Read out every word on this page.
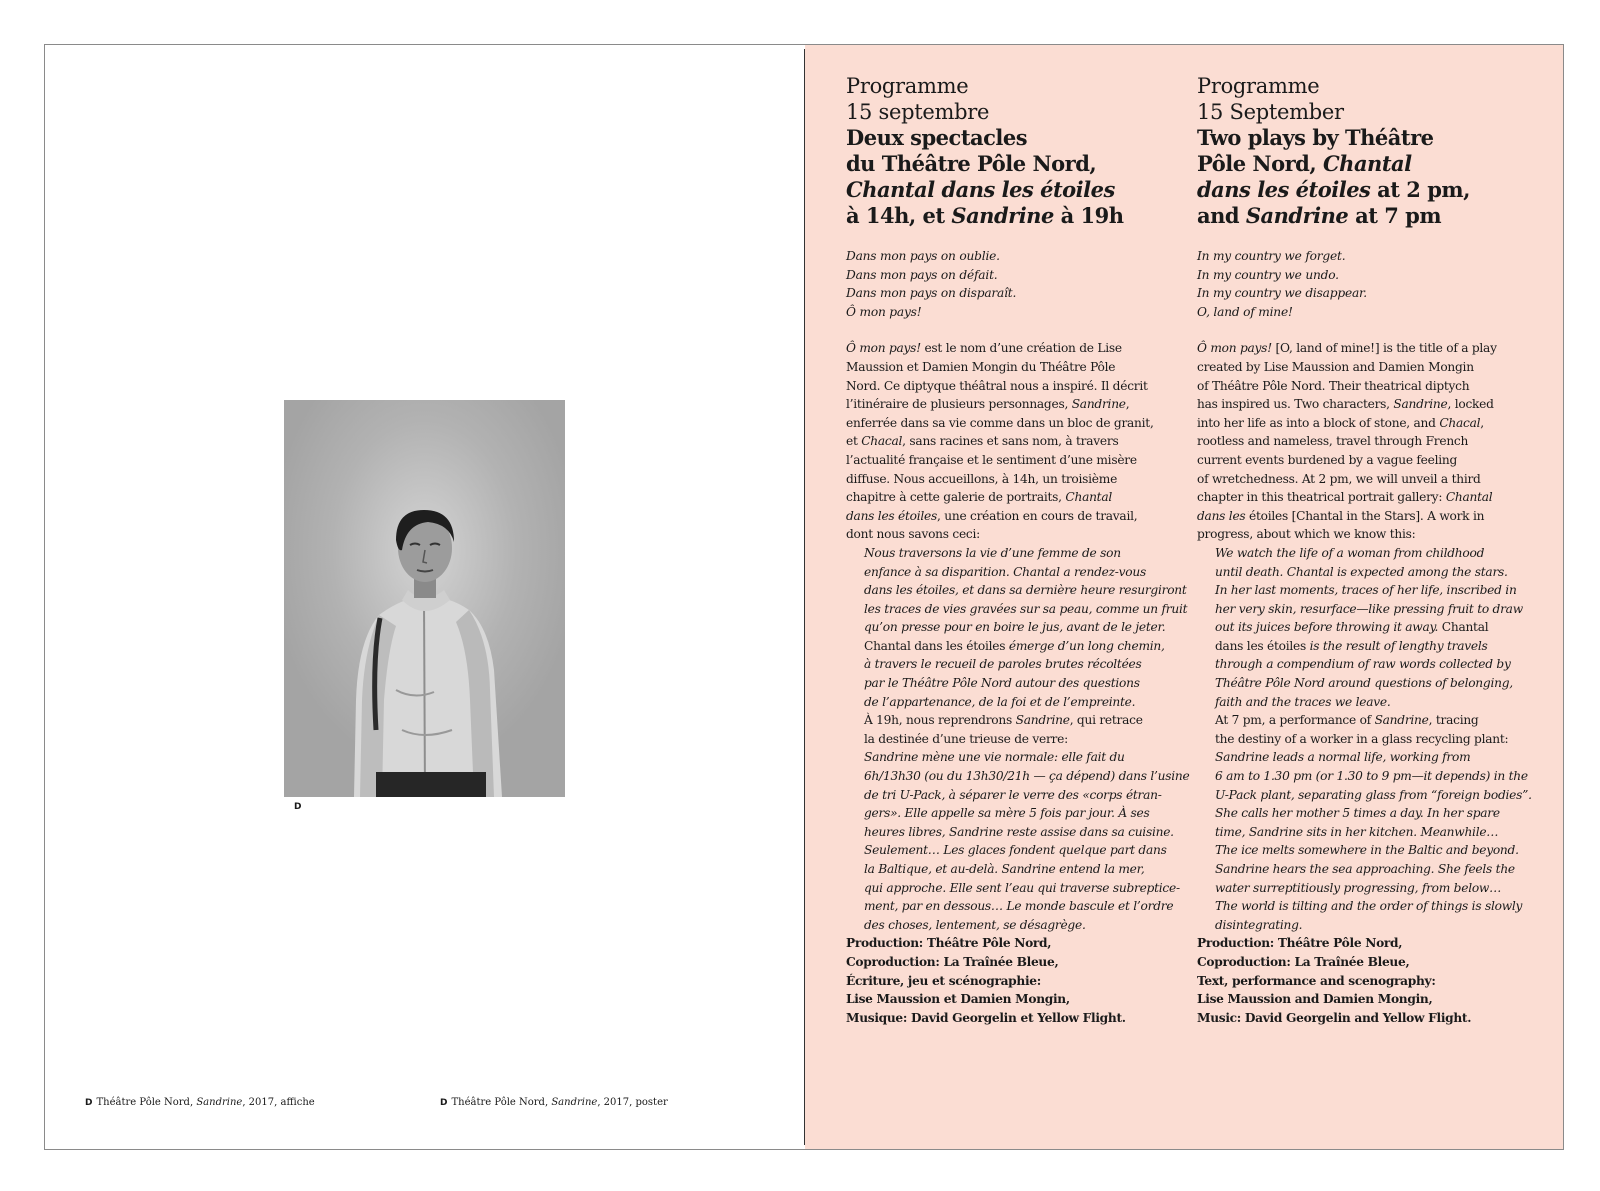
D
D Théâtre Pôle Nord, Sandrine, 2017, affiche	D Théâtre Pôle Nord, Sandrine, 2017, poster
Programme
15 septembre
Deux spectacles
du Théâtre Pôle Nord,
Chantal dans les étoiles
à 14h, et Sandrine à 19h
Dans mon pays on oublie.
Dans mon pays on défait.
Dans mon pays on disparaît.
Ô mon pays!
Ô mon pays! est le nom d’une création de Lise
Maussion et Damien Mongin du Théâtre Pôle
Nord. Ce diptyque théâtral nous a inspiré. Il décrit
l’itinéraire de plusieurs personnages, Sandrine,
enferrée dans sa vie comme dans un bloc de granit,
et Chacal, sans racines et sans nom, à travers
l’actualité française et le sentiment d’une misère
diffuse. Nous accueillons, à 14h, un troisième
chapitre à cette galerie de portraits, Chantal
dans les étoiles, une création en cours de travail,
dont nous savons ceci:
Nous traversons la vie d’une femme de son
enfance à sa disparition. Chantal a rendez-vous
dans les étoiles, et dans sa dernière heure resurgiront
les traces de vies gravées sur sa peau, comme un fruit
qu’on presse pour en boire le jus, avant de le jeter.
Chantal dans les étoiles émerge d’un long chemin,
à travers le recueil de paroles brutes récoltées
par le Théâtre Pôle Nord autour des questions
de l’appartenance, de la foi et de l’empreinte.
À 19h, nous reprendrons Sandrine, qui retrace
la destinée d’une trieuse de verre:
Sandrine mène une vie normale: elle fait du
6h/13h30 (ou du 13h30/21h — ça dépend) dans l’usine
de tri U-Pack, à séparer le verre des «corps étran-
gers». Elle appelle sa mère 5 fois par jour. À ses
heures libres, Sandrine reste assise dans sa cuisine.
Seulement… Les glaces fondent quelque part dans
la Baltique, et au-delà. Sandrine entend la mer,
qui approche. Elle sent l’eau qui traverse subreptice-
ment, par en dessous… Le monde bascule et l’ordre
des choses, lentement, se désagrège.
Production: Théâtre Pôle Nord,
Coproduction: La Traînée Bleue,
Écriture, jeu et scénographie:
Lise Maussion et Damien Mongin,
Musique: David Georgelin et Yellow Flight.
Programme
15 September
Two plays by Théâtre
Pôle Nord, Chantal
dans les étoiles at 2 pm,
and Sandrine at 7 pm
In my country we forget.
In my country we undo.
In my country we disappear.
O, land of mine!
Ô mon pays! [O, land of mine!] is the title of a play
created by Lise Maussion and Damien Mongin
of Théâtre Pôle Nord. Their theatrical diptych
has inspired us. Two characters, Sandrine, locked
into her life as into a block of stone, and Chacal,
rootless and nameless, travel through French
current events burdened by a vague feeling
of wretchedness. At 2 pm, we will unveil a third
chapter in this theatrical portrait gallery: Chantal
dans les étoiles [Chantal in the Stars]. A work in
progress, about which we know this:
We watch the life of a woman from childhood
until death. Chantal is expected among the stars.
In her last moments, traces of her life, inscribed in
her very skin, resurface—like pressing fruit to draw
out its juices before throwing it away. Chantal
dans les étoiles is the result of lengthy travels
through a compendium of raw words collected by
Théâtre Pôle Nord around questions of belonging,
faith and the traces we leave.
At 7 pm, a performance of Sandrine, tracing
the destiny of a worker in a glass recycling plant:
Sandrine leads a normal life, working from
6 am to 1.30 pm (or 1.30 to 9 pm—it depends) in the
U-Pack plant, separating glass from “foreign bodies”.
She calls her mother 5 times a day. In her spare
time, Sandrine sits in her kitchen. Meanwhile…
The ice melts somewhere in the Baltic and beyond.
Sandrine hears the sea approaching. She feels the
water surreptitiously progressing, from below…
The world is tilting and the order of things is slowly
disintegrating.
Production: Théâtre Pôle Nord,
Coproduction: La Traînée Bleue,
Text, performance and scenography:
Lise Maussion and Damien Mongin,
Music: David Georgelin and Yellow Flight.
